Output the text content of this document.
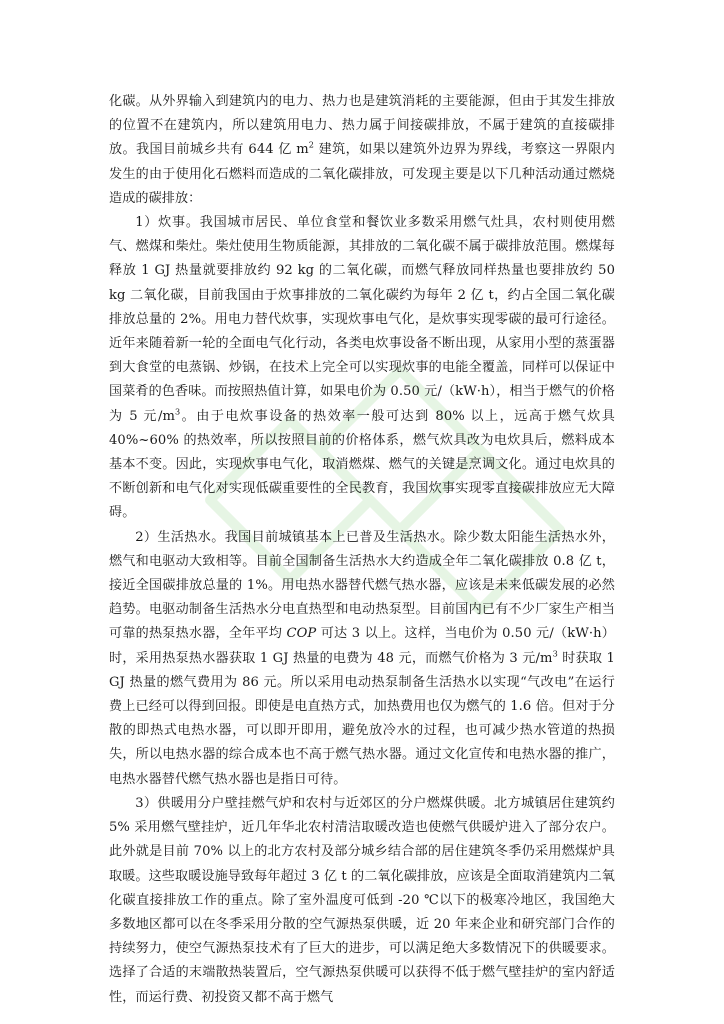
化碳。从外界输入到建筑内的电力、热力也是建筑消耗的主要能源，但由于其发生排放的位置不在建筑内，所以建筑用电力、热力属于间接碳排放，不属于建筑的直接碳排放。我国目前城乡共有 644 亿 $m^2$ 建筑，如果以建筑外边界为界线，考察这一界限内发生的由于使用化石燃料而造成的二氧化碳排放，可发现主要是以下几种活动通过燃烧造成的碳排放：

1）炊事。我国城市居民、单位食堂和餐饮业多数采用燃气灶具，农村则使用燃气、燃煤和柴灶。柴灶使用生物质能源，其排放的二氧化碳不属于碳排放范围。燃煤每释放 1 GJ 热量就要排放约 92 kg 的二氧化碳，而燃气释放同样热量也要排放约 50 kg 二氧化碳，目前我国由于炊事排放的二氧化碳约为每年 2 亿 t，约占全国二氧化碳排放总量的 2%。用电力替代炊事，实现炊事电气化，是炊事实现零碳的最可行途径。近年来随着新一轮的全面电气化行动，各类电炊事设备不断出现，从家用小型的蒸蛋器到大食堂的电蒸锅、炒锅，在技术上完全可以实现炊事的电能全覆盖，同样可以保证中国菜肴的色香味。而按照热值计算，如果电价为 0.50 元/（kW·h），相当于燃气的价格为 5 元$/m^3$。由于电炊事设备的热效率一般可达到 80% 以上，远高于燃气炊具 40%~60% 的热效率，所以按照目前的价格体系，燃气炊具改为电炊具后，燃料成本基本不变。因此，实现炊事电气化，取消燃煤、燃气的关键是烹调文化。通过电炊具的不断创新和电气化对实现低碳重要性的全民教育，我国炊事实现零直接碳排放应无大障碍。

2）生活热水。我国目前城镇基本上已普及生活热水。除少数太阳能生活热水外，燃气和电驱动大致相等。目前全国制备生活热水大约造成全年二氧化碳排放 0.8 亿 t，接近全国碳排放总量的 1%。用电热水器替代燃气热水器，应该是未来低碳发展的必然趋势。电驱动制备生活热水分电直热型和电动热泵型。目前国内已有不少厂家生产相当可靠的热泵热水器，全年平均 COP 可达 3 以上。这样，当电价为 0.50 元/（kW·h）时，采用热泵热水器获取 1 GJ 热量的电费为 48 元，而燃气价格为 3 元$/m^3$ 时获取 1 GJ 热量的燃气费用为 86 元。所以采用电动热泵制备生活热水以实现“气改电”在运行费上已经可以得到回报。即使是电直热方式，加热费用也仅为燃气的 1.6 倍。但对于分散的即热式电热水器，可以即开即用，避免放冷水的过程，也可减少热水管道的热损失，所以电热水器的综合成本也不高于燃气热水器。通过文化宣传和电热水器的推广，电热水器替代燃气热水器也是指日可待。

3）供暖用分户壁挂燃气炉和农村与近郊区的分户燃煤供暖。北方城镇居住建筑约 5% 采用燃气壁挂炉，近几年华北农村清洁取暖改造也使燃气供暖炉进入了部分农户。此外就是目前 70% 以上的北方农村及部分城乡结合部的居住建筑冬季仍采用燃煤炉具取暖。这些取暖设施导致每年超过 3 亿 t 的二氧化碳排放，应该是全面取消建筑内二氧化碳直接排放工作的重点。除了室外温度可低到 -20 ℃以下的极寒冷地区，我国绝大多数地区都可以在冬季采用分散的空气源热泵供暖，近 20 年来企业和研究部门合作的持续努力，使空气源热泵技术有了巨大的进步，可以满足绝大多数情况下的供暖要求。选择了合适的末端散热装置后，空气源热泵供暖可以获得不低于燃气壁挂炉的室内舒适性，而运行费、初投资又都不高于燃气
